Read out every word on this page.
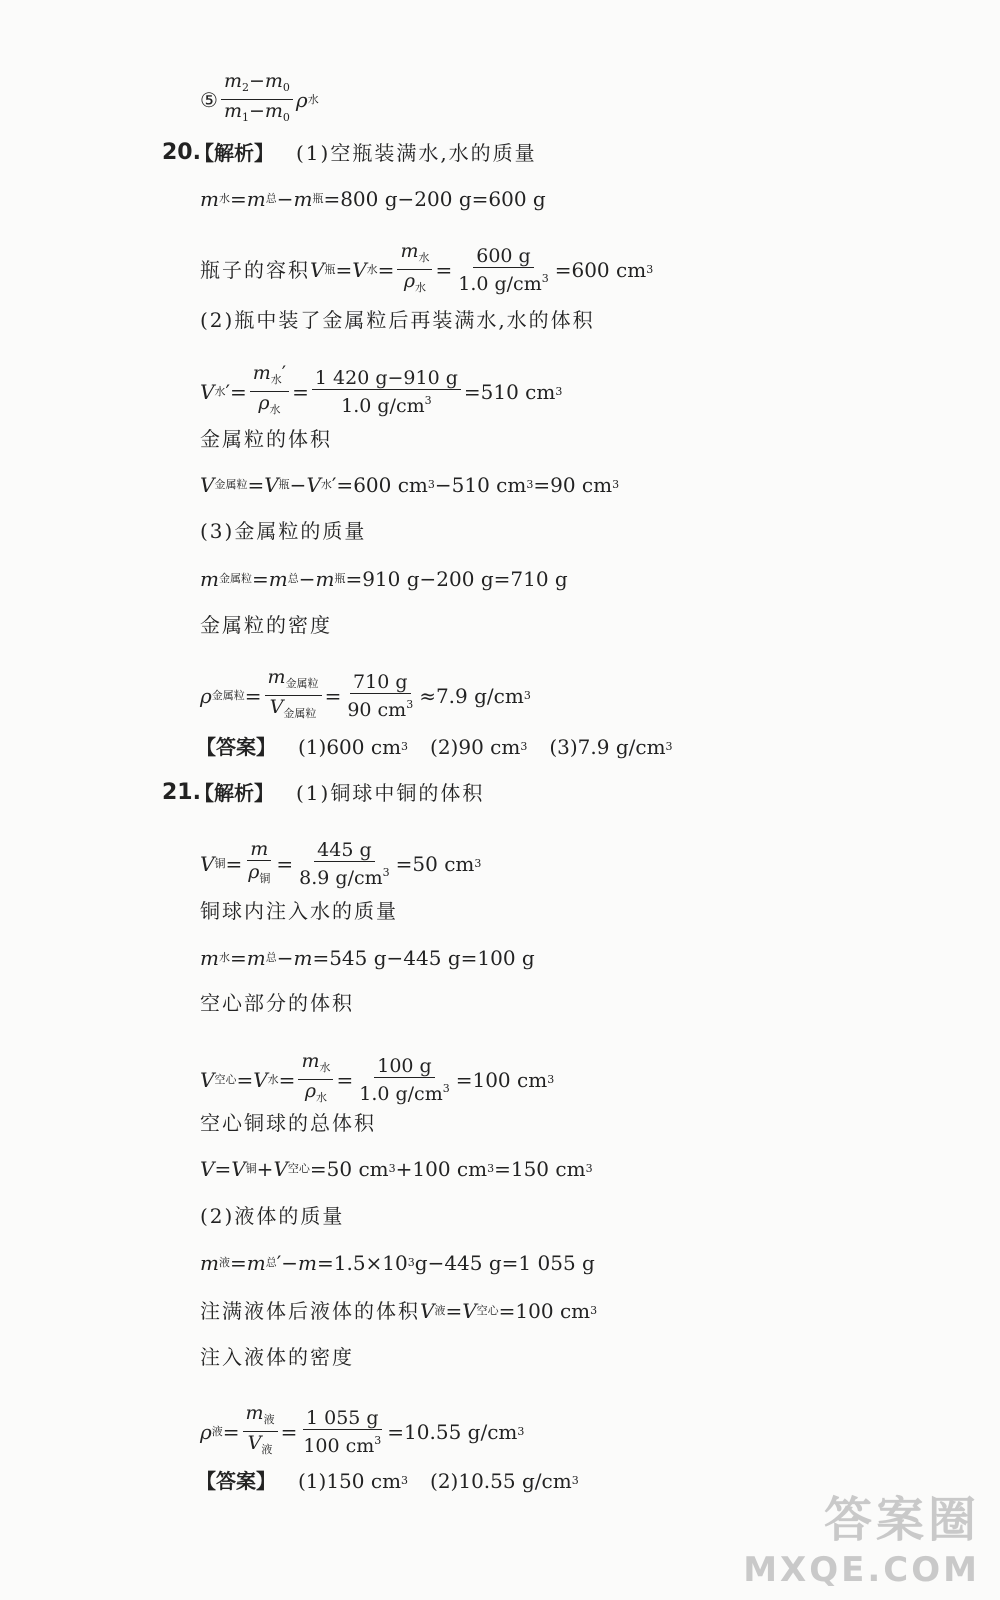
⑤ $\frac{m_2-m_0}{m_1-m_0}$ ρ 水
20.
【解析】 (1)空瓶装满水,水的质量
m 水 = m 总 − m 瓶 =800 g−200 g=600 g
瓶子的容积 V 瓶 = V 水 = $\frac{m_水}{\rho_水} = \frac{600 g}{1.0 g/cm^3} =600$ cm 3
(2)瓶中装了金属粒后再装满水,水的体积
V 水 ′= $\frac{m_水'}{\rho_水} = \frac{1 420 g-910 g}{1.0 g/cm^3} =510$ cm 3
金属粒的体积
V 金属粒 = V 瓶 − V 水 ′=600 cm 3 −510 cm 3 =90 cm 3
(3)金属粒的质量
m 金属粒 = m 总 − m 瓶 =910 g−200 g=710 g
金属粒的密度
ρ 金属粒 = $\frac{m_{金属粒}}{V_{金属粒}} = \frac{710 g}{90 cm^3} \approx 7.9$ g/cm 3
【答案】 (1)600 cm 3 (2)90 cm 3 (3)7.9 g/cm 3
21.
【解析】 (1)铜球中铜的体积
V 铜 = $\frac{m}{\rho_铜} = \frac{445 g}{8.9 g/cm^3} =50$ cm 3
铜球内注入水的质量
m 水 = m 总 − m =545 g−445 g=100 g
空心部分的体积
V 空心 = V 水 = $\frac{m_水}{\rho_水} = \frac{100 g}{1.0 g/cm^3} =100$ cm 3
空心铜球的总体积
V = V 铜 + V 空心 =50 cm 3 +100 cm 3 =150 cm 3
(2)液体的质量
m 液 = m 总 ′− m =1.5×10 3 g−445 g=1 055 g
注满液体后液体的体积 V 液 = V 空心 =100 cm 3
注入液体的密度
ρ 液 = $\frac{m_液}{V_液} = \frac{1 055 g}{100 cm^3} =10.55$ g/cm 3
【答案】 (1)150 cm 3 (2)10.55 g/cm 3
答案圈
MXQE.COM
